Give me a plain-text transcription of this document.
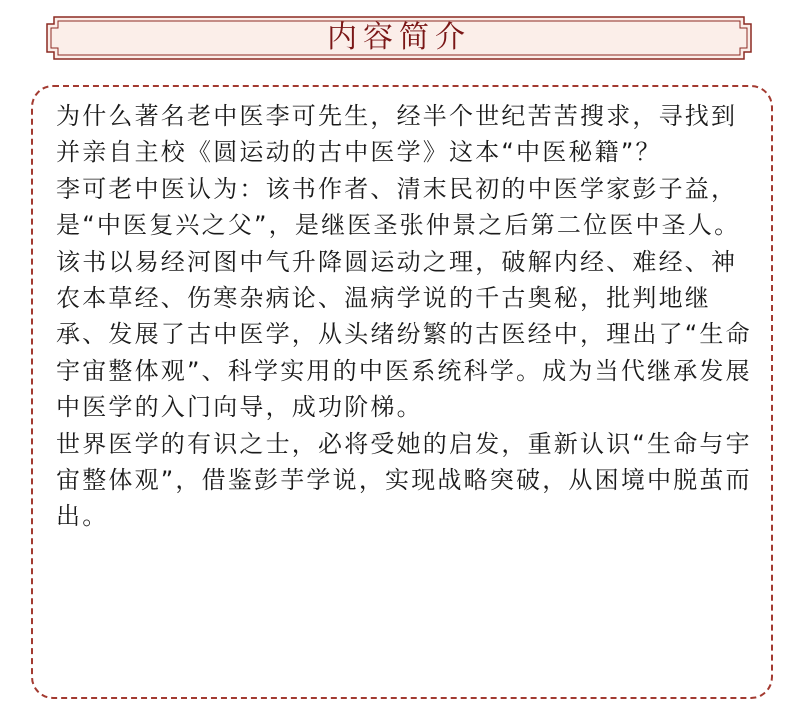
内容简介

为什么著名老中医李可先生，经半个世纪苦苦搜求，寻找到并亲自主校《圆运动的古中医学》这本“中医秘籍”？

李可老中医认为：该书作者、清末民初的中医学家彭子益，是“中医复兴之父”，是继医圣张仲景之后第二位医中圣人。

该书以易经河图中气升降圆运动之理，破解内经、难经、神农本草经、伤寒杂病论、温病学说的千古奥秘，批判地继承、发展了古中医学，从头绪纷繁的古医经中，理出了“生命宇宙整体观”、科学实用的中医系统科学。成为当代继承发展中医学的入门向导，成功阶梯。

世界医学的有识之士，必将受她的启发，重新认识“生命与宇宙整体观”，借鉴彭芋学说，实现战略突破，从困境中脱茧而出。
